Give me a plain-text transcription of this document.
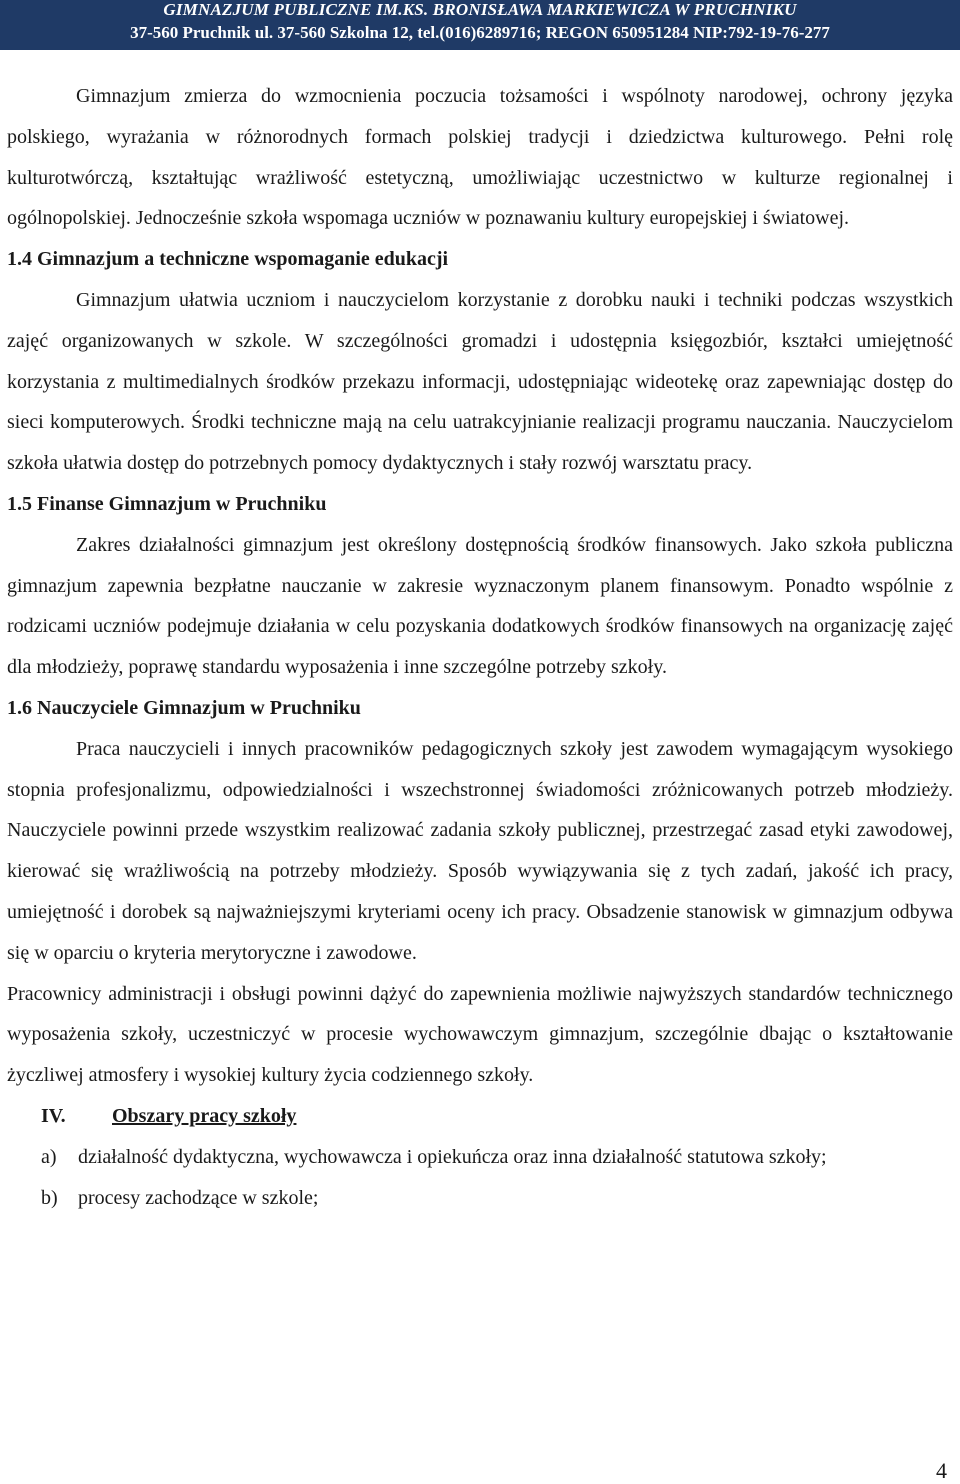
GIMNAZJUM PUBLICZNE IM.KS. BRONISŁAWA MARKIEWICZA W PRUCHNIKU
37-560 Pruchnik ul. 37-560 Szkolna 12, tel.(016)6289716; REGON 650951284 NIP:792-19-76-277

Gimnazjum zmierza do wzmocnienia poczucia tożsamości i wspólnoty narodowej, ochrony języka polskiego, wyrażania w różnorodnych formach polskiej tradycji i dziedzictwa kulturowego. Pełni rolę kulturotwórczą, kształtując wrażliwość estetyczną, umożliwiając uczestnictwo w kulturze regionalnej i ogólnopolskiej. Jednocześnie szkoła wspomaga uczniów w poznawaniu kultury europejskiej i światowej.

1.4 Gimnazjum a techniczne wspomaganie edukacji

Gimnazjum ułatwia uczniom i nauczycielom korzystanie z dorobku nauki i techniki podczas wszystkich zajęć organizowanych w szkole. W szczególności gromadzi i udostępnia księgozbiór, kształci umiejętność korzystania z multimedialnych środków przekazu informacji, udostępniając wideotekę oraz zapewniając dostęp do sieci komputerowych. Środki techniczne mają na celu uatrakcyjnianie realizacji programu nauczania. Nauczycielom szkoła ułatwia dostęp do potrzebnych pomocy dydaktycznych i stały rozwój warsztatu pracy.

1.5 Finanse Gimnazjum w Pruchniku

Zakres działalności gimnazjum jest określony dostępnością środków finansowych. Jako szkoła publiczna gimnazjum zapewnia bezpłatne nauczanie w zakresie wyznaczonym planem finansowym. Ponadto wspólnie z rodzicami uczniów podejmuje działania w celu pozyskania dodatkowych środków finansowych na organizację zajęć dla młodzieży, poprawę standardu wyposażenia i inne szczególne potrzeby szkoły.

1.6 Nauczyciele Gimnazjum w Pruchniku

Praca nauczycieli i innych pracowników pedagogicznych szkoły jest zawodem wymagającym wysokiego stopnia profesjonalizmu, odpowiedzialności i wszechstronnej świadomości zróżnicowanych potrzeb młodzieży. Nauczyciele powinni przede wszystkim realizować zadania szkoły publicznej, przestrzegać zasad etyki zawodowej, kierować się wrażliwością na potrzeby młodzieży. Sposób wywiązywania się z tych zadań, jakość ich pracy, umiejętność i dorobek są najważniejszymi kryteriami oceny ich pracy. Obsadzenie stanowisk w gimnazjum odbywa się w oparciu o kryteria merytoryczne i zawodowe.

Pracownicy administracji i obsługi powinni dążyć do zapewnienia możliwie najwyższych standardów technicznego wyposażenia szkoły, uczestniczyć w procesie wychowawczym gimnazjum, szczególnie dbając o kształtowanie życzliwej atmosfery i wysokiej kultury życia codziennego szkoły.

IV. Obszary pracy szkoły

a) działalność dydaktyczna, wychowawcza i opiekuńcza oraz inna działalność statutowa szkoły;

b) procesy zachodzące w szkole;

4
